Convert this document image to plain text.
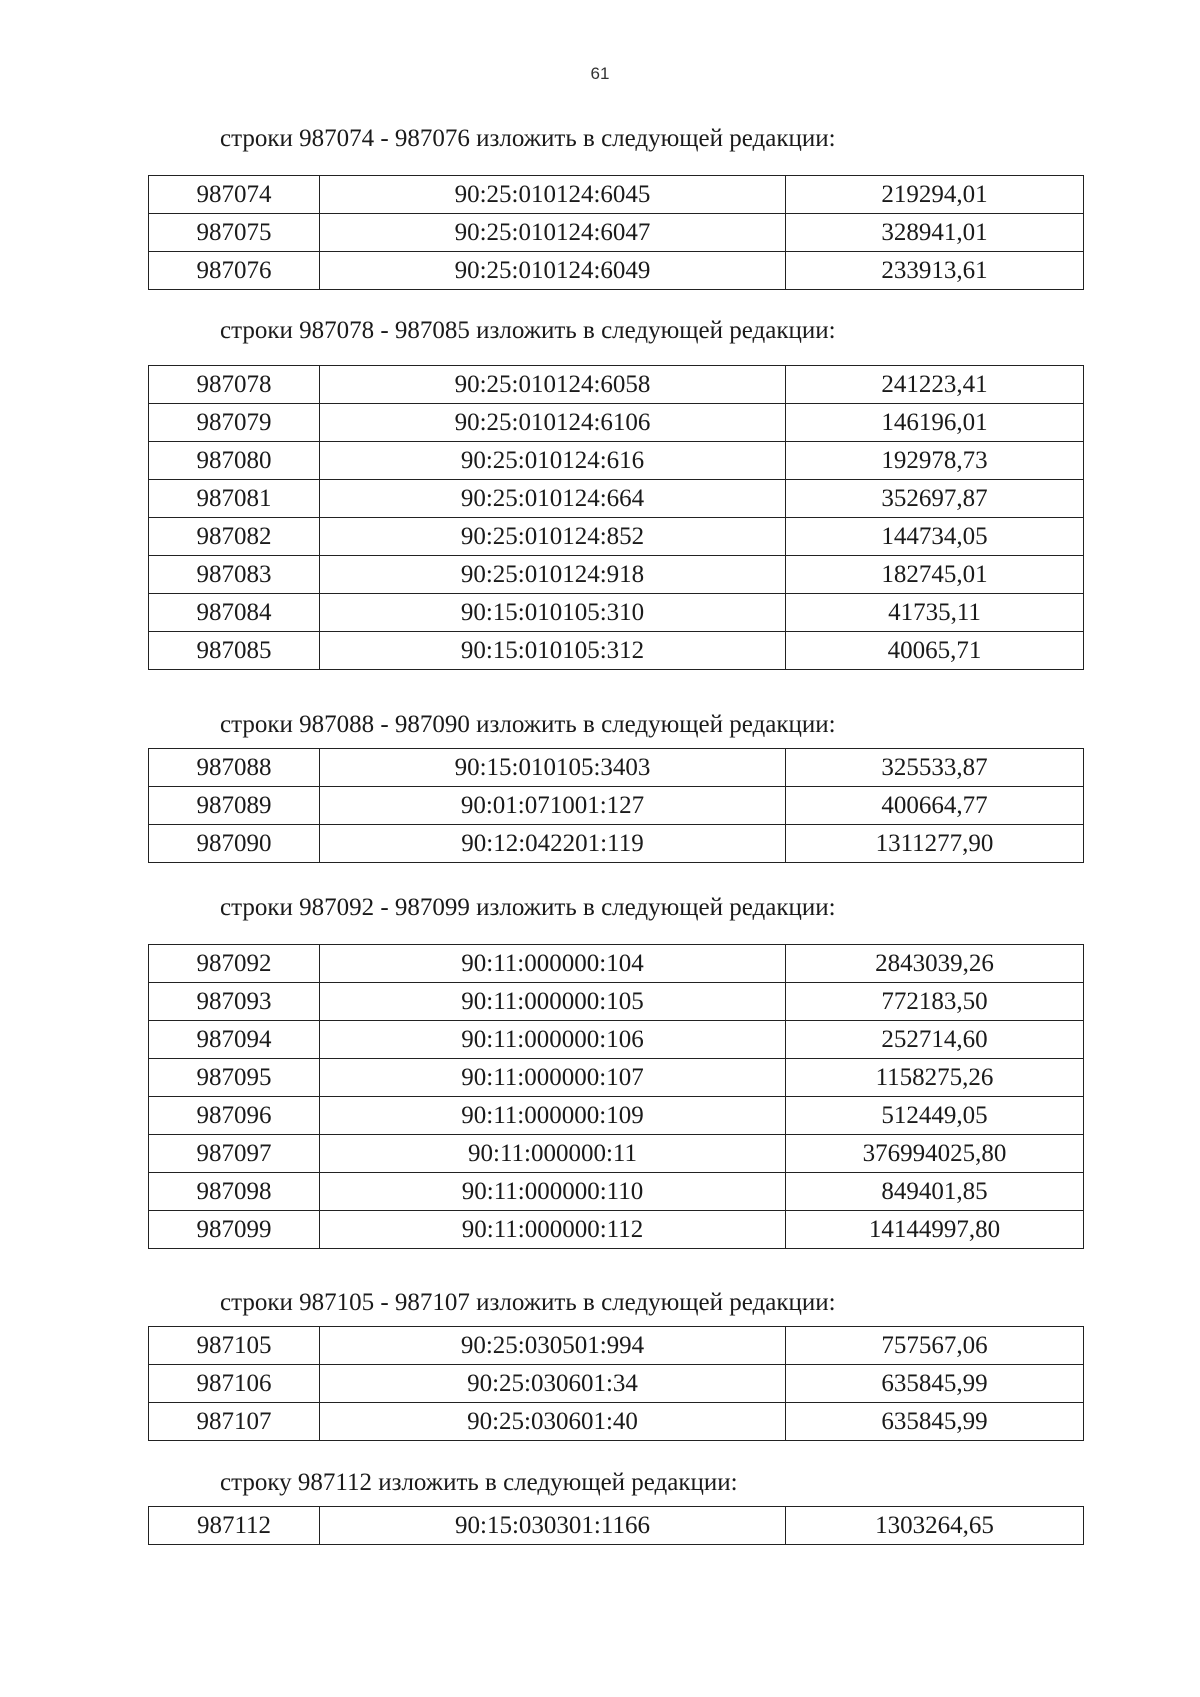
61
строки 987074 - 987076 изложить в следующей редакции:
987074	90:25:010124:6045	219294,01
987075	90:25:010124:6047	328941,01
987076	90:25:010124:6049	233913,61
строки 987078 - 987085 изложить в следующей редакции:
987078	90:25:010124:6058	241223,41
987079	90:25:010124:6106	146196,01
987080	90:25:010124:616	192978,73
987081	90:25:010124:664	352697,87
987082	90:25:010124:852	144734,05
987083	90:25:010124:918	182745,01
987084	90:15:010105:310	41735,11
987085	90:15:010105:312	40065,71
строки 987088 - 987090 изложить в следующей редакции:
987088	90:15:010105:3403	325533,87
987089	90:01:071001:127	400664,77
987090	90:12:042201:119	1311277,90
строки 987092 - 987099 изложить в следующей редакции:
987092	90:11:000000:104	2843039,26
987093	90:11:000000:105	772183,50
987094	90:11:000000:106	252714,60
987095	90:11:000000:107	1158275,26
987096	90:11:000000:109	512449,05
987097	90:11:000000:11	376994025,80
987098	90:11:000000:110	849401,85
987099	90:11:000000:112	14144997,80
строки 987105 - 987107 изложить в следующей редакции:
987105	90:25:030501:994	757567,06
987106	90:25:030601:34	635845,99
987107	90:25:030601:40	635845,99
строку 987112 изложить в следующей редакции:
987112	90:15:030301:1166	1303264,65
